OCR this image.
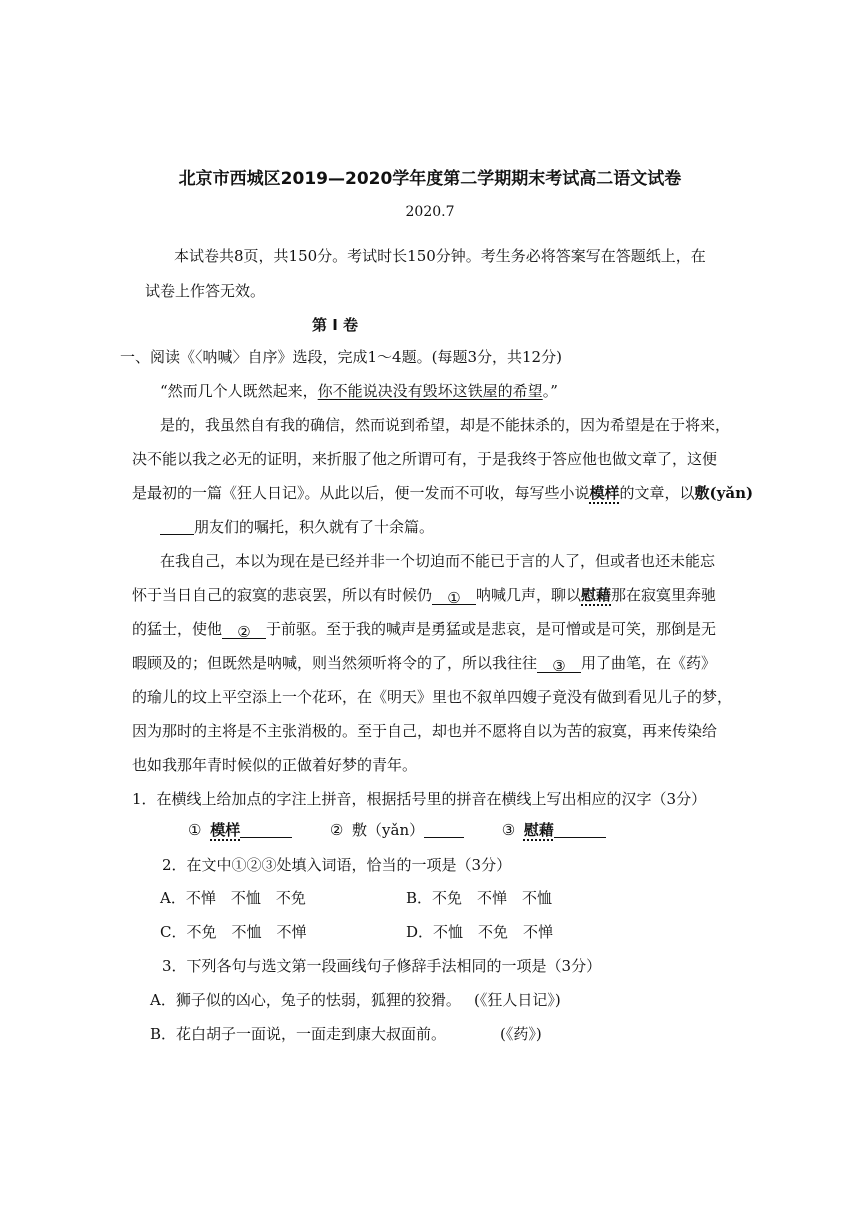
北京市西城区2019—2020学年度第二学期期末考试高二语文试卷
2020.7
本试卷共8页，共150分。考试时长150分钟。考生务必将答案写在答题纸上，在
试卷上作答无效。
第 Ⅰ 卷
一、阅读《〈呐喊〉自序》选段，完成1～4题。(每题3分，共12分)
“然而几个人既然起来，你不能说决没有毁坏这铁屋的希望。”
是的，我虽然自有我的确信，然而说到希望，却是不能抹杀的，因为希望是在于将来，
决不能以我之必无的证明，来折服了他之所谓可有，于是我终于答应他也做文章了，这便
是最初的一篇《狂人日记》。从此以后，便一发而不可收，每写些小说模样的文章，以敷(yǎn)
朋友们的嘱托，积久就有了十余篇。
在我自己，本以为现在是已经并非一个切迫而不能已于言的人了，但或者也还未能忘
怀于当日自己的寂寞的悲哀罢，所以有时候仍 ① 呐喊几声，聊以慰藉那在寂寞里奔驰
的猛士，使他 ② 于前驱。至于我的喊声是勇猛或是悲哀，是可憎或是可笑，那倒是无
暇顾及的；但既然是呐喊，则当然须听将令的了，所以我往往 ③ 用了曲笔，在《药》
的瑜儿的坟上平空添上一个花环，在《明天》里也不叙单四嫂子竟没有做到看见儿子的梦，
因为那时的主将是不主张消极的。至于自己，却也并不愿将自以为苦的寂寞，再来传染给
也如我那年青时候似的正做着好梦的青年。
1．在横线上给加点的字注上拼音，根据括号里的拼音在横线上写出相应的汉字（3分）
① 模样	② 敷（yǎn）	③ 慰藉
2．在文中①②③处填入词语，恰当的一项是（3分）
A．不惮　不恤　不免	B．不免　不惮　不恤
C．不免　不恤　不惮	D．不恤　不免　不惮
3．下列各句与选文第一段画线句子修辞手法相同的一项是（3分）
A．狮子似的凶心，兔子的怯弱，狐狸的狡猾。 (《狂人日记》)
B．花白胡子一面说，一面走到康大叔面前。	(《药》)
